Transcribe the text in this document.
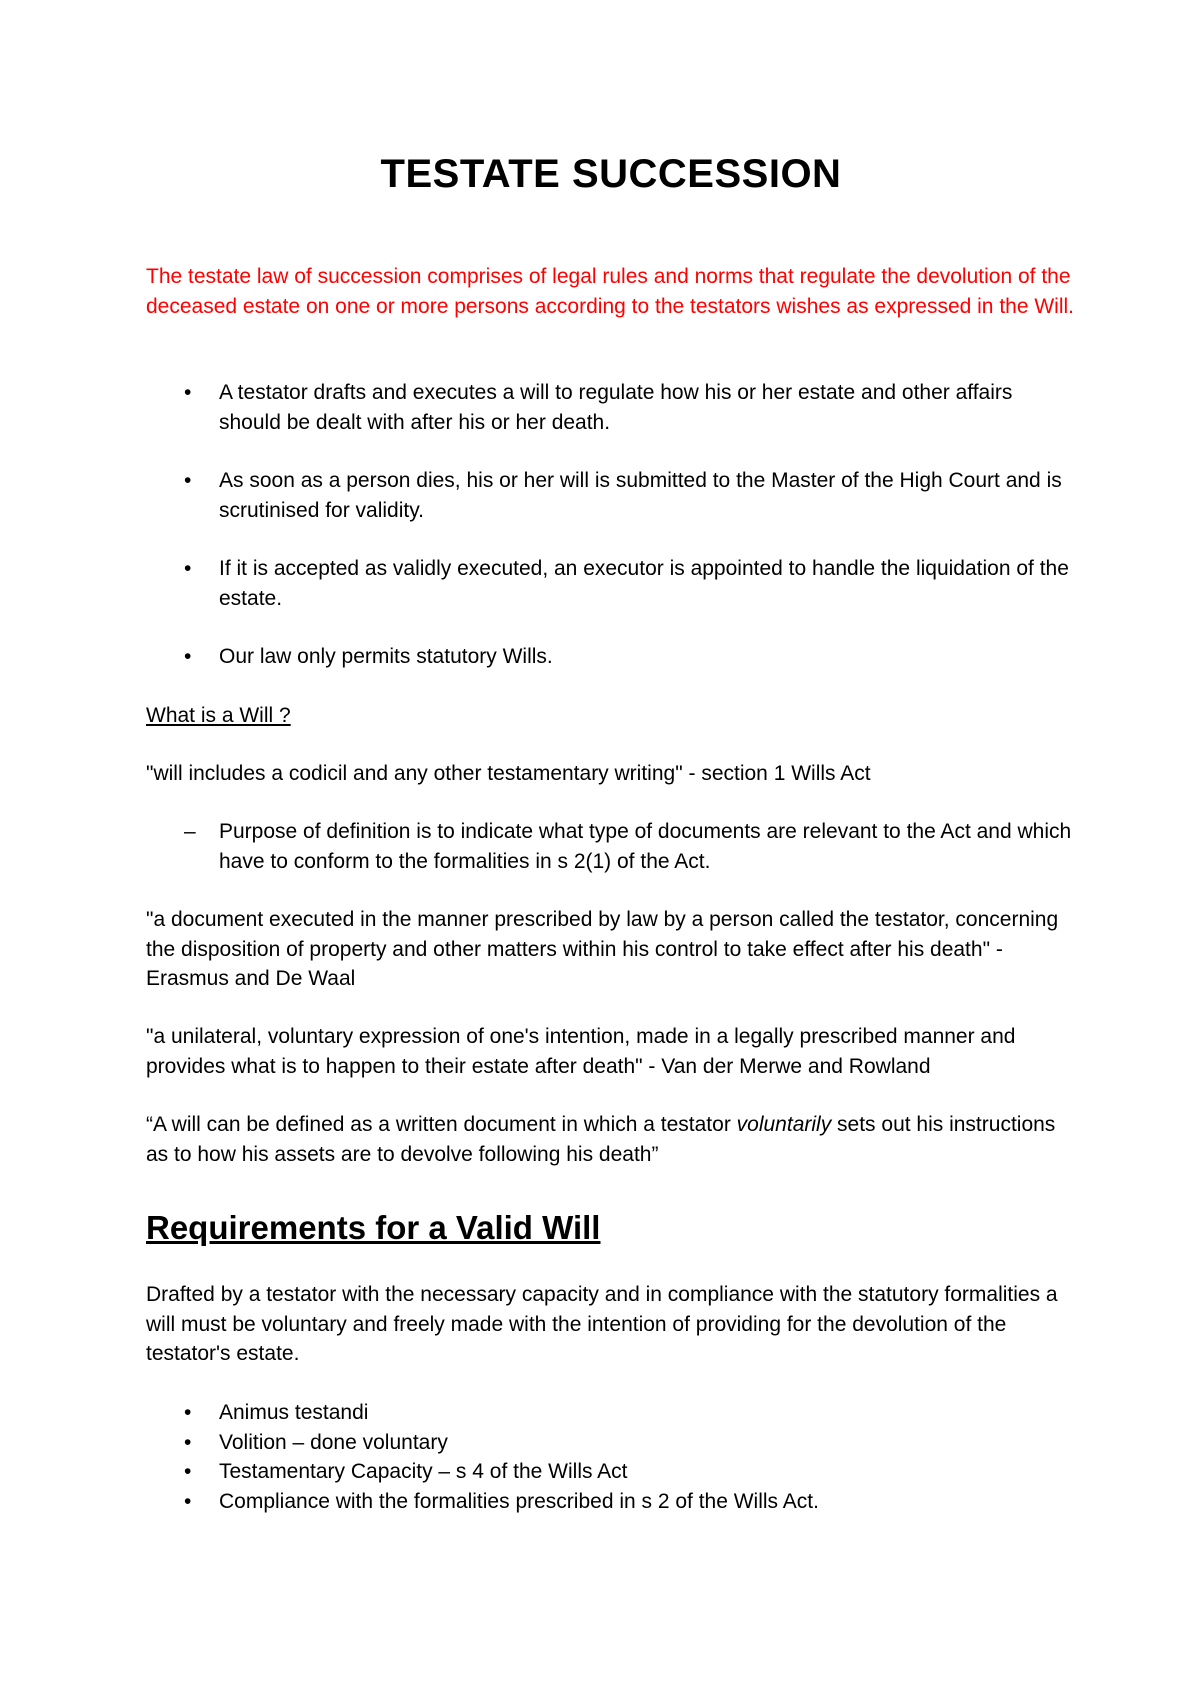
TESTATE SUCCESSION

The testate law of succession comprises of legal rules and norms that regulate the devolution of the deceased estate on one or more persons according to the testators wishes as expressed in the Will.

• A testator drafts and executes a will to regulate how his or her estate and other affairs should be dealt with after his or her death.
• As soon as a person dies, his or her will is submitted to the Master of the High Court and is scrutinised for validity.
• If it is accepted as validly executed, an executor is appointed to handle the liquidation of the estate.
• Our law only permits statutory Wills.

What is a Will ?

"will includes a codicil and any other testamentary writing" - section 1 Wills Act

–	Purpose of definition is to indicate what type of documents are relevant to the Act and which have to conform to the formalities in s 2(1) of the Act.

"a document executed in the manner prescribed by law by a person called the testator, concerning the disposition of property and other matters within his control to take effect after his death" - Erasmus and De Waal

"a unilateral, voluntary expression of one's intention, made in a legally prescribed manner and provides what is to happen to their estate after death" - Van der Merwe and Rowland

“A will can be defined as a written document in which a testator voluntarily sets out his instructions as to how his assets are to devolve following his death”

Requirements for a Valid Will

Drafted by a testator with the necessary capacity and in compliance with the statutory formalities a will must be voluntary and freely made with the intention of providing for the devolution of the testator's estate.

• Animus testandi
• Volition – done voluntary
• Testamentary Capacity – s 4 of the Wills Act
• Compliance with the formalities prescribed in s 2 of the Wills Act.
